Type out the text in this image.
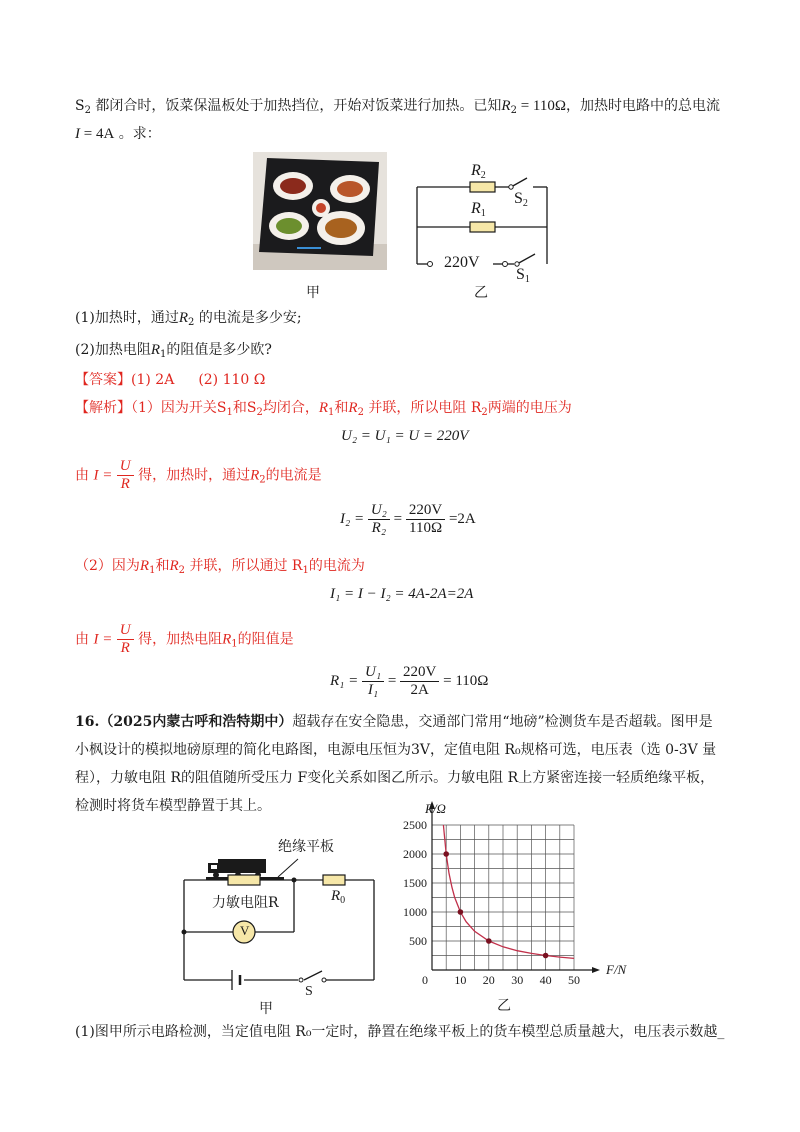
$S_2$ 都闭合时，饭菜保温板处于加热挡位，开始对饭菜进行加热。已知$R_2 = 110\Omega$，加热时电路中的总电流
I = 4A 。求：
甲
$R_2$
$S_2$
$R_1$
220V
$S_1$
乙
(1)加热时，通过$R_2$ 的电流是多少安;
(2)加热电阻$R_1$的阻值是多少欧?
【答案】(1) 2A (2) 110 Ω
【解析】（1）因为开关$S_1$和$S_2$均闭合，$R_1$和$R_2$ 并联，所以电阻 $R_2$两端的电压为
U₂ = U₁ = U = 220V
由 $I = \frac{U}{R}$ 得，加热时，通过$R_2$的电流是
$I_2 = \frac{\text{U₂}}{\text{R₂}} = \frac{220V}{110\Omega} =2A$
（2）因为$R_1$和$R_2$ 并联，所以通过 $R_1$的电流为
I₁ = I − I₂ = 4A-2A=2A
由 $I = \frac{U}{R}$ 得，加热电阻$R_1$的阻值是
$R_1 = \frac{\text{U₁}}{\text{I₁}} = \frac{220V}{2A} = 110\Omega$
16.（2025内蒙古呼和浩特期中）超载存在安全隐患，交通部门常用“地磅”检测货车是否超载。图甲是
小枫设计的模拟地磅原理的简化电路图，电源电压恒为3V，定值电阻 R₀规格可选，电压表（选 0-3V 量
程），力敏电阻 R的阻值随所受压力 F变化关系如图乙所示。力敏电阻 R上方紧密连接一轻质绝缘平板，
检测时将货车模型静置于其上。
绝缘平板
力敏电阻R	$R_0$
V
S
甲
10 20 30 40 50
500
1000
1500
2000
2500
0
F/N
R/Ω
乙
(1)图甲所示电路检测，当定值电阻 R₀一定时，静置在绝缘平板上的货车模型总质量越大，电压表示数越_
